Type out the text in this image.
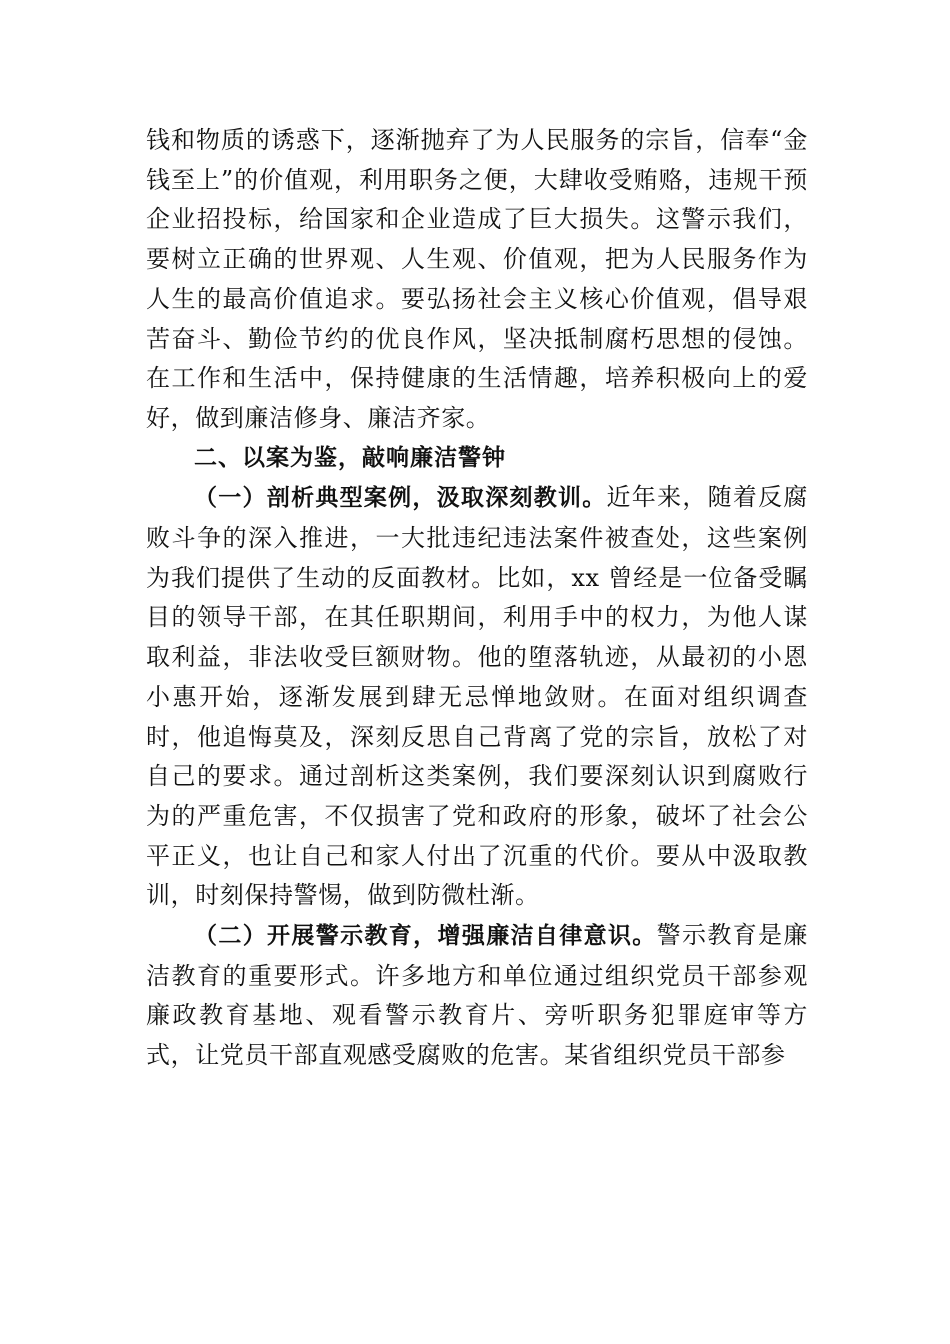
钱和物质的诱惑下，逐渐抛弃了为人民服务的宗旨，信奉“金钱至上”的价值观，利用职务之便，大肆收受贿赂，违规干预企业招投标，给国家和企业造成了巨大损失。这警示我们，要树立正确的世界观、人生观、价值观，把为人民服务作为人生的最高价值追求。要弘扬社会主义核心价值观，倡导艰苦奋斗、勤俭节约的优良作风，坚决抵制腐朽思想的侵蚀。在工作和生活中，保持健康的生活情趣，培养积极向上的爱好，做到廉洁修身、廉洁齐家。

二、以案为鉴，敲响廉洁警钟

（一）剖析典型案例，汲取深刻教训。近年来，随着反腐败斗争的深入推进，一大批违纪违法案件被查处，这些案例为我们提供了生动的反面教材。比如，xx 曾经是一位备受瞩目的领导干部，在其任职期间，利用手中的权力，为他人谋取利益，非法收受巨额财物。他的堕落轨迹，从最初的小恩小惠开始，逐渐发展到肆无忌惮地敛财。在面对组织调查时，他追悔莫及，深刻反思自己背离了党的宗旨，放松了对自己的要求。通过剖析这类案例，我们要深刻认识到腐败行为的严重危害，不仅损害了党和政府的形象，破坏了社会公平正义，也让自己和家人付出了沉重的代价。要从中汲取教训，时刻保持警惕，做到防微杜渐。

（二）开展警示教育，增强廉洁自律意识。警示教育是廉洁教育的重要形式。许多地方和单位通过组织党员干部参观廉政教育基地、观看警示教育片、旁听职务犯罪庭审等方式，让党员干部直观感受腐败的危害。某省组织党员干部参
